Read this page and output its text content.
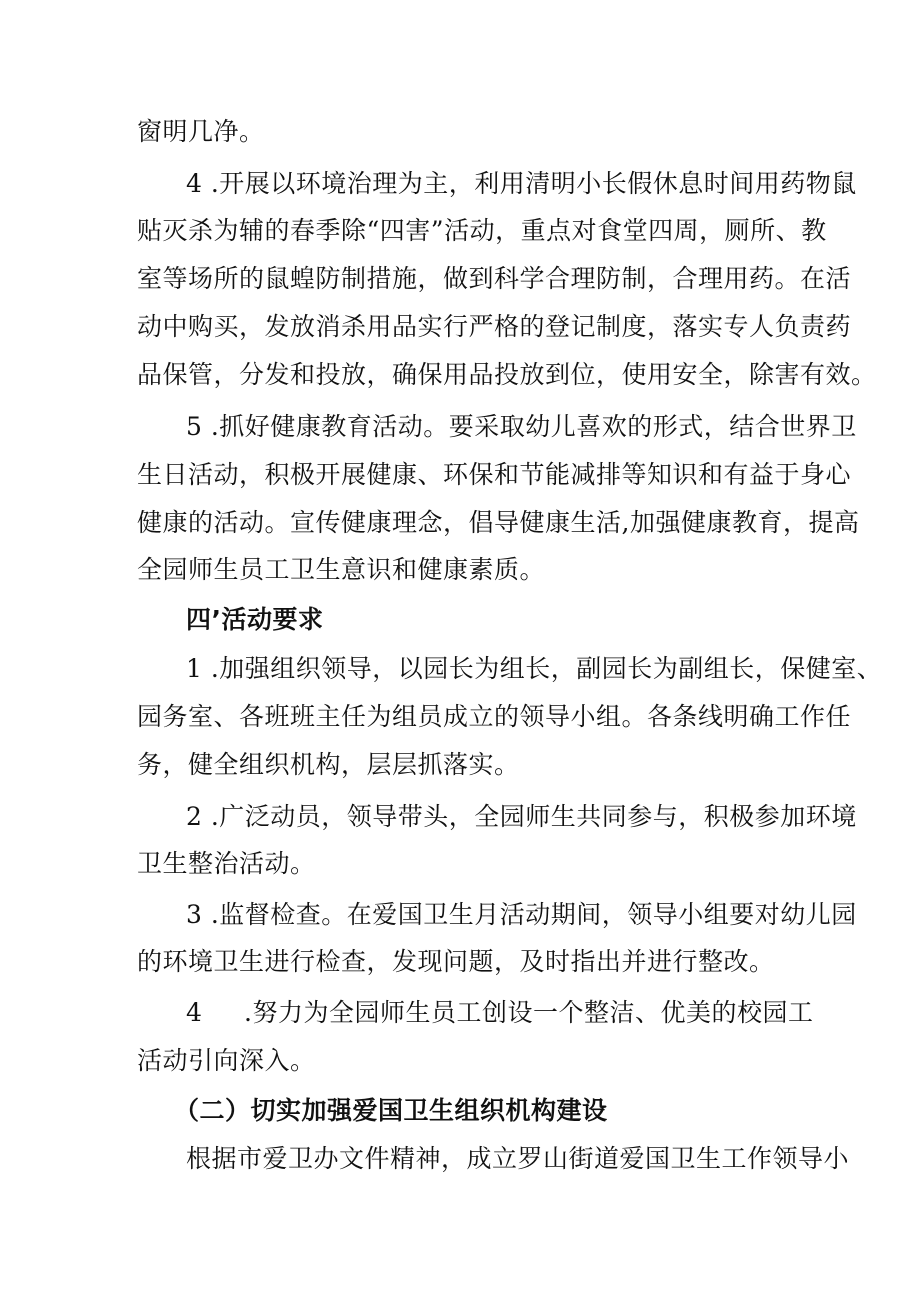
窗明几净。
4 .开展以环境治理为主，利用清明小长假休息时间用药物鼠
贴灭杀为辅的春季除“四害”活动，重点对食堂四周，厕所、教
室等场所的鼠蝗防制措施，做到科学合理防制，合理用药。在活
动中购买，发放消杀用品实行严格的登记制度，落实专人负责药
品保管，分发和投放，确保用品投放到位，使用安全，除害有效。
5 .抓好健康教育活动。要采取幼儿喜欢的形式，结合世界卫
生日活动，积极开展健康、环保和节能减排等知识和有益于身心
健康的活动。宣传健康理念，倡导健康生活,加强健康教育，提高
全园师生员工卫生意识和健康素质。
四’活动要求
1 .加强组织领导，以园长为组长，副园长为副组长，保健室、
园务室、各班班主任为组员成立的领导小组。各条线明确工作任
务，健全组织机构，层层抓落实。
2 .广泛动员，领导带头，全园师生共同参与，积极参加环境
卫生整治活动。
3 .监督检查。在爱国卫生月活动期间，领导小组要对幼儿园
的环境卫生进行检查，发现问题，及时指出并进行整改。
4 .努力为全园师生员工创设一个整洁、优美的校园工
活动引向深入。
（二）切实加强爱国卫生组织机构建设
根据市爱卫办文件精神，成立罗山街道爱国卫生工作领导小
